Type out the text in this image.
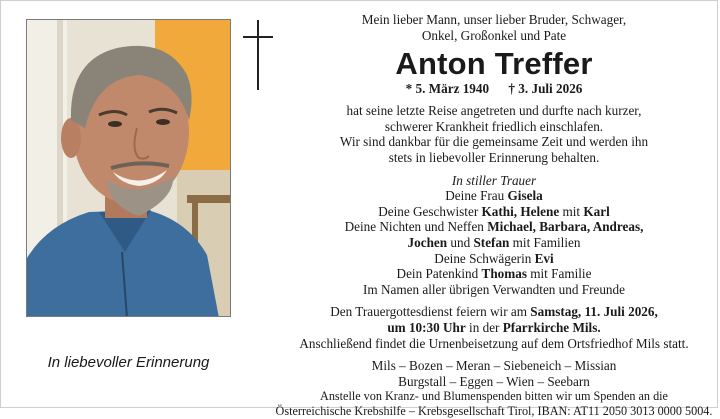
Mein lieber Mann, unser lieber Bruder, Schwager,
Onkel, Großonkel und Pate
Anton Treffer
* 5. März 1940 † 3. Juli 2026
hat seine letzte Reise angetreten und durfte nach kurzer,
schwerer Krankheit friedlich einschlafen.
Wir sind dankbar für die gemeinsame Zeit und werden ihn
stets in liebevoller Erinnerung behalten.
In stiller Trauer
Deine Frau Gisela
Deine Geschwister Kathi, Helene mit Karl
Deine Nichten und Neffen Michael, Barbara, Andreas,
Jochen und Stefan mit Familien
Deine Schwägerin Evi
Dein Patenkind Thomas mit Familie
Im Namen aller übrigen Verwandten und Freunde
Den Trauergottesdienst feiern wir am Samstag, 11. Juli 2026,
um 10:30 Uhr in der Pfarrkirche Mils.
Anschließend findet die Urnenbeisetzung auf dem Ortsfriedhof Mils statt.
Mils – Bozen – Meran – Siebeneich – Missian
Burgstall – Eggen – Wien – Seebarn
Anstelle von Kranz- und Blumenspenden bitten wir um Spenden an die
Österreichische Krebshilfe – Krebsgesellschaft Tirol, IBAN: AT11 2050 3013 0000 5004.
In liebevoller Erinnerung
